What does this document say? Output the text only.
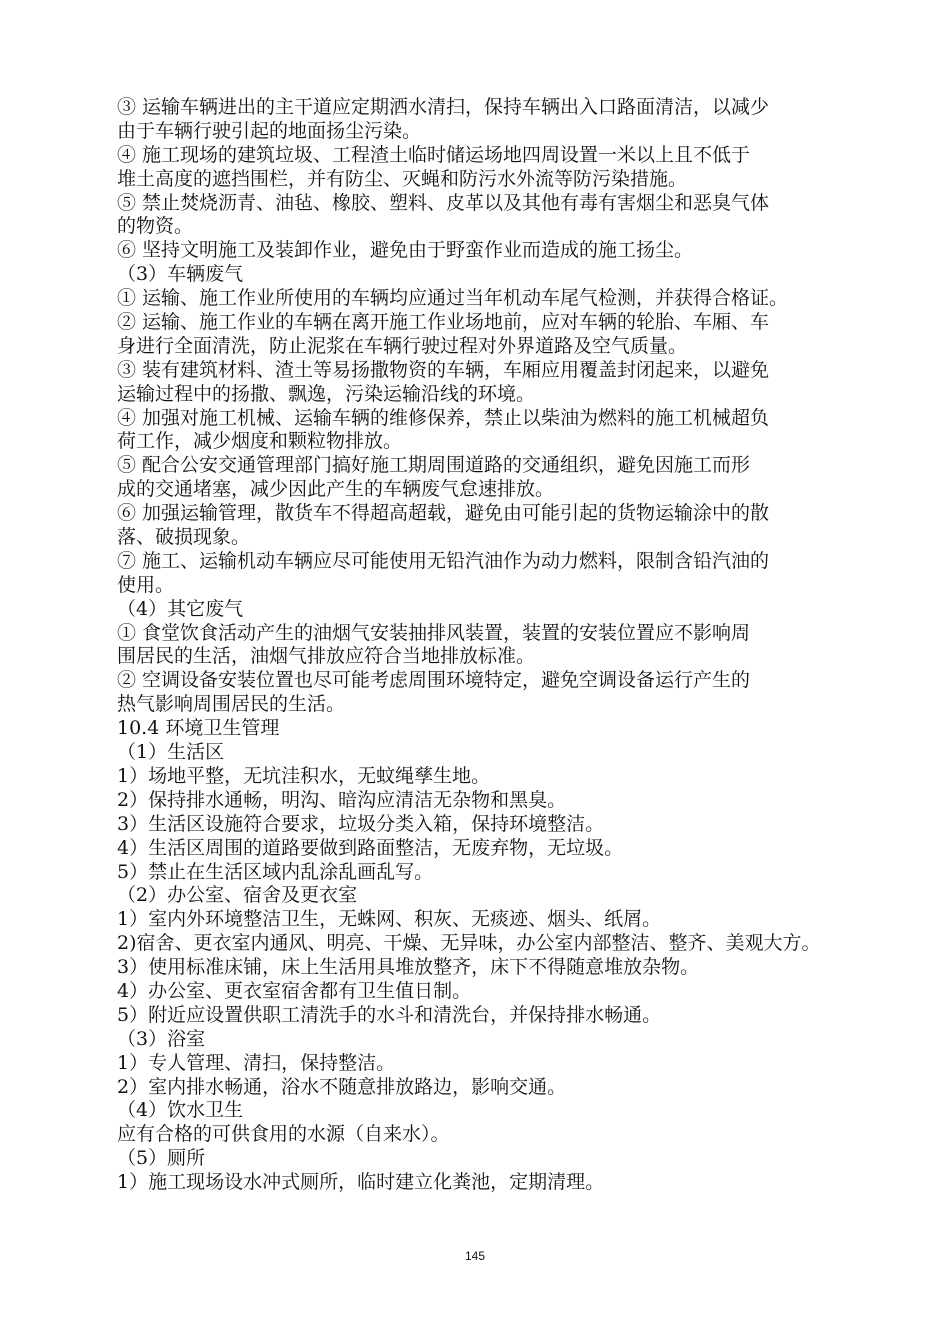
③ 运输车辆进出的主干道应定期洒水清扫，保持车辆出入口路面清洁，以减少
由于车辆行驶引起的地面扬尘污染。
④ 施工现场的建筑垃圾、工程渣土临时储运场地四周设置一米以上且不低于
堆土高度的遮挡围栏，并有防尘、灭蝇和防污水外流等防污染措施。
⑤ 禁止焚烧沥青、油毡、橡胶、塑料、皮革以及其他有毒有害烟尘和恶臭气体
的物资。
⑥ 坚持文明施工及装卸作业，避免由于野蛮作业而造成的施工扬尘。
（3）车辆废气
① 运输、施工作业所使用的车辆均应通过当年机动车尾气检测，并获得合格证。
② 运输、施工作业的车辆在离开施工作业场地前，应对车辆的轮胎、车厢、车
身进行全面清洗，防止泥浆在车辆行驶过程对外界道路及空气质量。
③ 装有建筑材料、渣土等易扬撒物资的车辆，车厢应用覆盖封闭起来，以避免
运输过程中的扬撒、飘逸，污染运输沿线的环境。
④ 加强对施工机械、运输车辆的维修保养，禁止以柴油为燃料的施工机械超负
荷工作，减少烟度和颗粒物排放。
⑤ 配合公安交通管理部门搞好施工期周围道路的交通组织，避免因施工而形
成的交通堵塞，减少因此产生的车辆废气怠速排放。
⑥ 加强运输管理，散货车不得超高超载，避免由可能引起的货物运输涂中的散
落、破损现象。
⑦ 施工、运输机动车辆应尽可能使用无铅汽油作为动力燃料，限制含铅汽油的
使用。
（4）其它废气
① 食堂饮食活动产生的油烟气安装抽排风装置，装置的安装位置应不影响周
围居民的生活，油烟气排放应符合当地排放标准。
② 空调设备安装位置也尽可能考虑周围环境特定，避免空调设备运行产生的
热气影响周围居民的生活。
10.4 环境卫生管理
（1）生活区
1）场地平整，无坑洼积水，无蚊绳孳生地。
2）保持排水通畅，明沟、暗沟应清洁无杂物和黑臭。
3）生活区设施符合要求，垃圾分类入箱，保持环境整洁。
4）生活区周围的道路要做到路面整洁，无废弃物，无垃圾。
5）禁止在生活区域内乱涂乱画乱写。
（2）办公室、宿舍及更衣室
1）室内外环境整洁卫生，无蛛网、积灰、无痰迹、烟头、纸屑。
2)宿舍、更衣室内通风、明亮、干燥、无异味，办公室内部整洁、整齐、美观大方。
3）使用标准床铺，床上生活用具堆放整齐，床下不得随意堆放杂物。
4）办公室、更衣室宿舍都有卫生值日制。
5）附近应设置供职工清洗手的水斗和清洗台，并保持排水畅通。
（3）浴室
1）专人管理、清扫，保持整洁。
2）室内排水畅通，浴水不随意排放路边，影响交通。
（4）饮水卫生
应有合格的可供食用的水源（自来水）。
（5）厕所
1）施工现场设水冲式厕所，临时建立化粪池，定期清理。
145
